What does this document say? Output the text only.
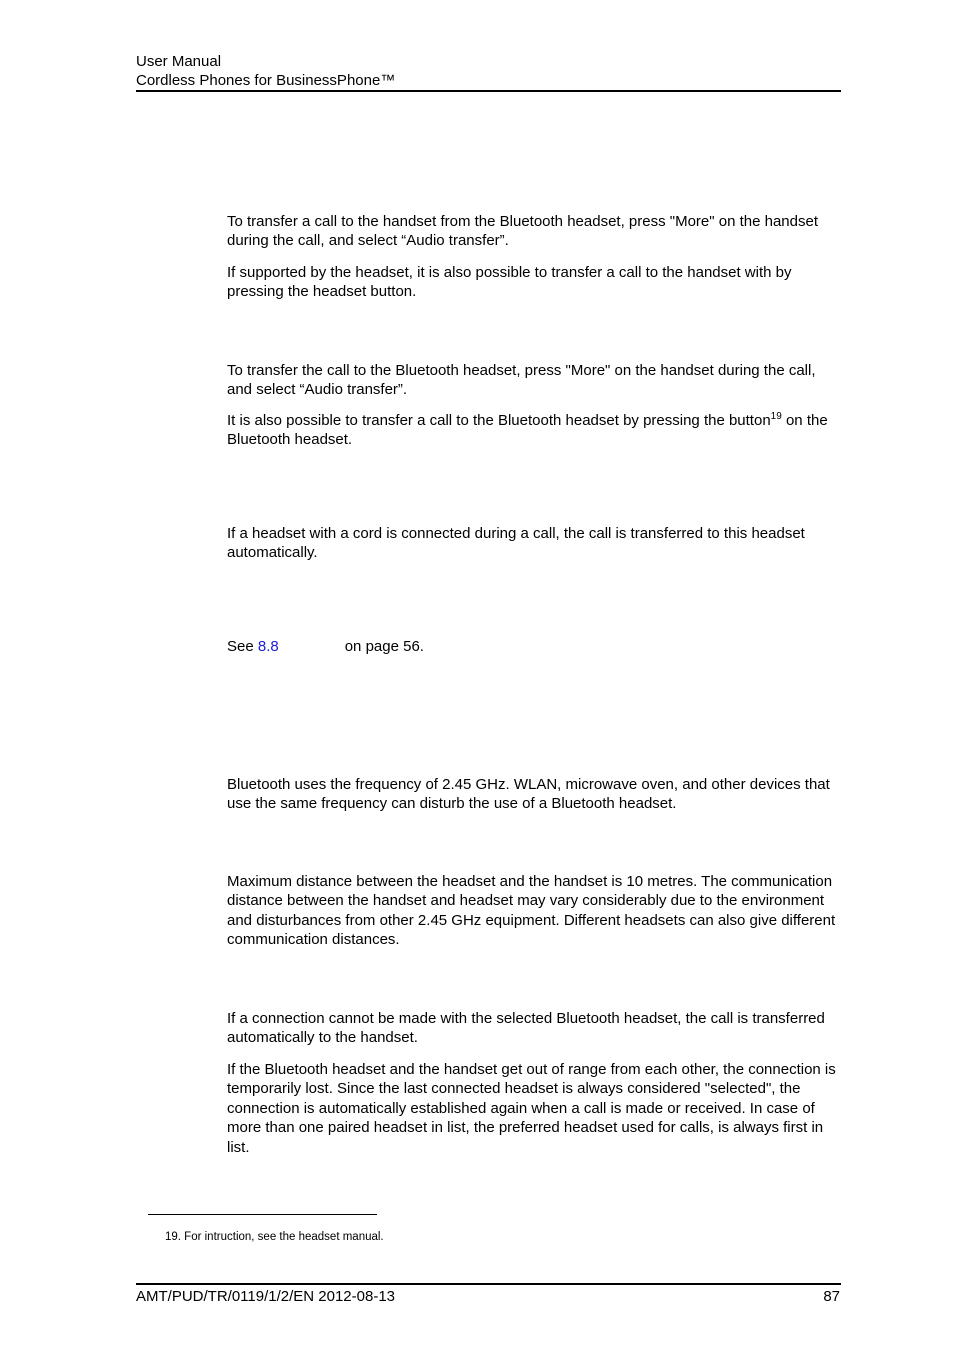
User Manual
Cordless Phones for BusinessPhone™

To transfer a call to the handset from the Bluetooth headset, press "More" on the handset during the call, and select “Audio transfer”.

If supported by the headset, it is also possible to transfer a call to the handset with by pressing the headset button.

To transfer the call to the Bluetooth headset, press "More" on the handset during the call, and select “Audio transfer”.

It is also possible to transfer a call to the Bluetooth headset by pressing the button$^{19}$ on the Bluetooth headset.

If a headset with a cord is connected during a call, the call is transferred to this headset automatically.

See 8.8	on page 56.

Bluetooth uses the frequency of 2.45 GHz. WLAN, microwave oven, and other devices that use the same frequency can disturb the use of a Bluetooth headset.

Maximum distance between the headset and the handset is 10 metres. The communication distance between the handset and headset may vary considerably due to the environment and disturbances from other 2.45 GHz equipment. Different headsets can also give different communication distances.

If a connection cannot be made with the selected Bluetooth headset, the call is transferred automatically to the handset.

If the Bluetooth headset and the handset get out of range from each other, the connection is temporarily lost. Since the last connected headset is always considered "selected", the connection is automatically established again when a call is made or received. In case of more than one paired headset in list, the preferred headset used for calls, is always first in list.

19. For intruction, see the headset manual.
AMT/PUD/TR/0119/1/2/EN 2012-08-13	87
